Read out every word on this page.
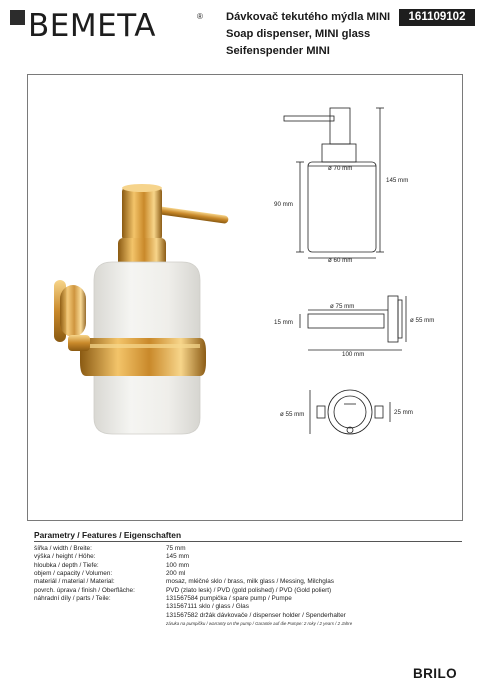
BEMETA	® Dávkovač tekutého mýdla MINI
Soap dispenser, MINI glass
Seifenspender MINI
161109102
ø 70 mm
ø 60 mm
90 mm
145 mm
ø 75 mm
15 mm	ø 55 mm
100 mm
ø 55 mm	25 mm
Parametry / Features / Eigenschaften
šířka / width / Breite:	75 mm
výška / height / Höhe:	145 mm
hloubka / depth / Tiefe:	100 mm
objem / capacity / Volumen:	200 ml
materiál / material / Material:	mosaz, mléčné sklo / brass, milk glass / Messing, Milchglas
povrch. úprava / finish / Oberfläche:	PVD (zlato lesk) / PVD (gold polished) / PVD (Gold poliert)
náhradní díly / parts / Teile:	131567584 pumpička / spare pump / Pumpe
131567111 sklo / glass / Glas
131567582 držák dávkovače / dispenser holder / Spenderhalter
záruka na pumpičku / warranty on the pump / Garantie auf die Pumpe: 2 roky / 2 years / 2 Jahre
BRILO
